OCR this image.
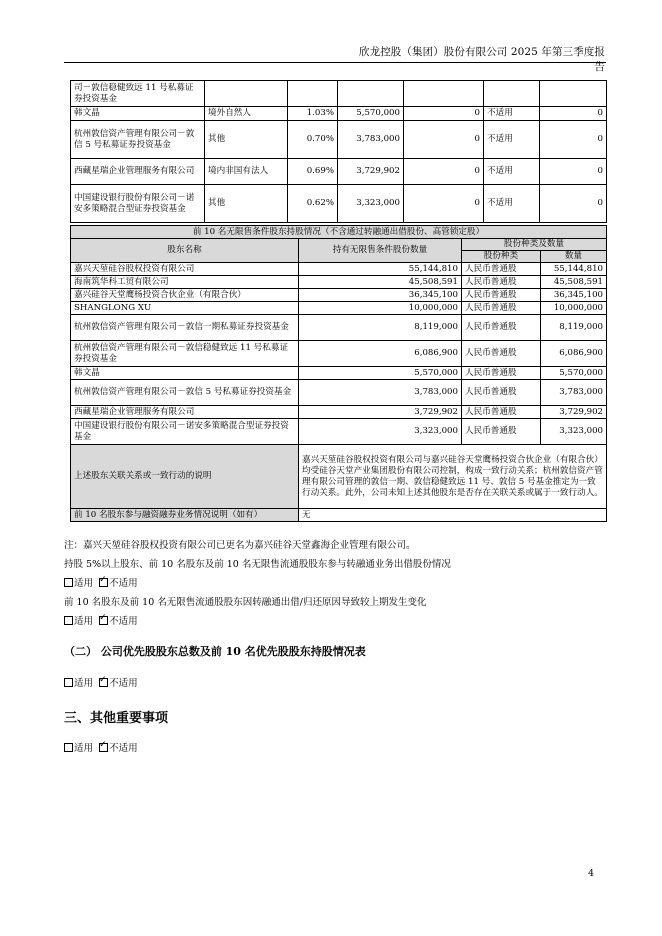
欣龙控股（集团）股份有限公司 2025 年第三季度报告
司－敦信稳健致远 11 号私募证券投资基金						
韩文晶	境外自然人	1.03%	5,570,000	0	不适用	0
杭州敦信资产管理有限公司－敦信 5 号私募证券投资基金	其他	0.70%	3,783,000	0	不适用	0
西藏星瑞企业管理服务有限公司	境内非国有法人	0.69%	3,729,902	0	不适用	0
中国建设银行股份有限公司－诺安多策略混合型证券投资基金	其他	0.62%	3,323,000	0	不适用	0
前 10 名无限售条件股东持股情况（不含通过转融通出借股份、高管锁定股）			
股东名称	持有无限售条件股份数量	股份种类及数量	
		股份种类	数量
嘉兴天堃硅谷股权投资有限公司	55,144,810	人民币普通股	55,144,810
海南筑华科工贸有限公司	45,508,591	人民币普通股	45,508,591
嘉兴硅谷天堂鹰杨投资合伙企业（有限合伙）	36,345,100	人民币普通股	36,345,100
SHANGLONG XU	10,000,000	人民币普通股	10,000,000
杭州敦信资产管理有限公司－敦信一期私募证券投资基金	8,119,000	人民币普通股	8,119,000
杭州敦信资产管理有限公司－敦信稳健致远 11 号私募证券投资基金	6,086,900	人民币普通股	6,086,900
韩文晶	5,570,000	人民币普通股	5,570,000
杭州敦信资产管理有限公司－敦信 5 号私募证券投资基金	3,783,000	人民币普通股	3,783,000
西藏星瑞企业管理服务有限公司	3,729,902	人民币普通股	3,729,902
中国建设银行股份有限公司－诺安多策略混合型证券投资基金	3,323,000	人民币普通股	3,323,000
上述股东关联关系或一致行动的说明	嘉兴天堃硅谷股权投资有限公司与嘉兴硅谷天堂鹰杨投资合伙企业（有限合伙）均受硅谷天堂产业集团股份有限公司控制，构成一致行动关系；杭州敦信资产管理有限公司管理的敦信一期、敦信稳健致远 11 号、敦信 5 号基金推定为一致行动关系。此外，公司未知上述其他股东是否存在关联关系或属于一致行动人。		
前 10 名股东参与融资融券业务情况说明（如有）	无		
注：嘉兴天堃硅谷股权投资有限公司已更名为嘉兴硅谷天堂鑫海企业管理有限公司。
持股 5%以上股东、前 10 名股东及前 10 名无限售流通股股东参与转融通业务出借股份情况
适用 ✓ 不适用
前 10 名股东及前 10 名无限售流通股股东因转融通出借/归还原因导致较上期发生变化
适用 ✓ 不适用
（二） 公司优先股股东总数及前 10 名优先股股东持股情况表
适用 ✓ 不适用
三、其他重要事项
适用 ✓ 不适用
4
